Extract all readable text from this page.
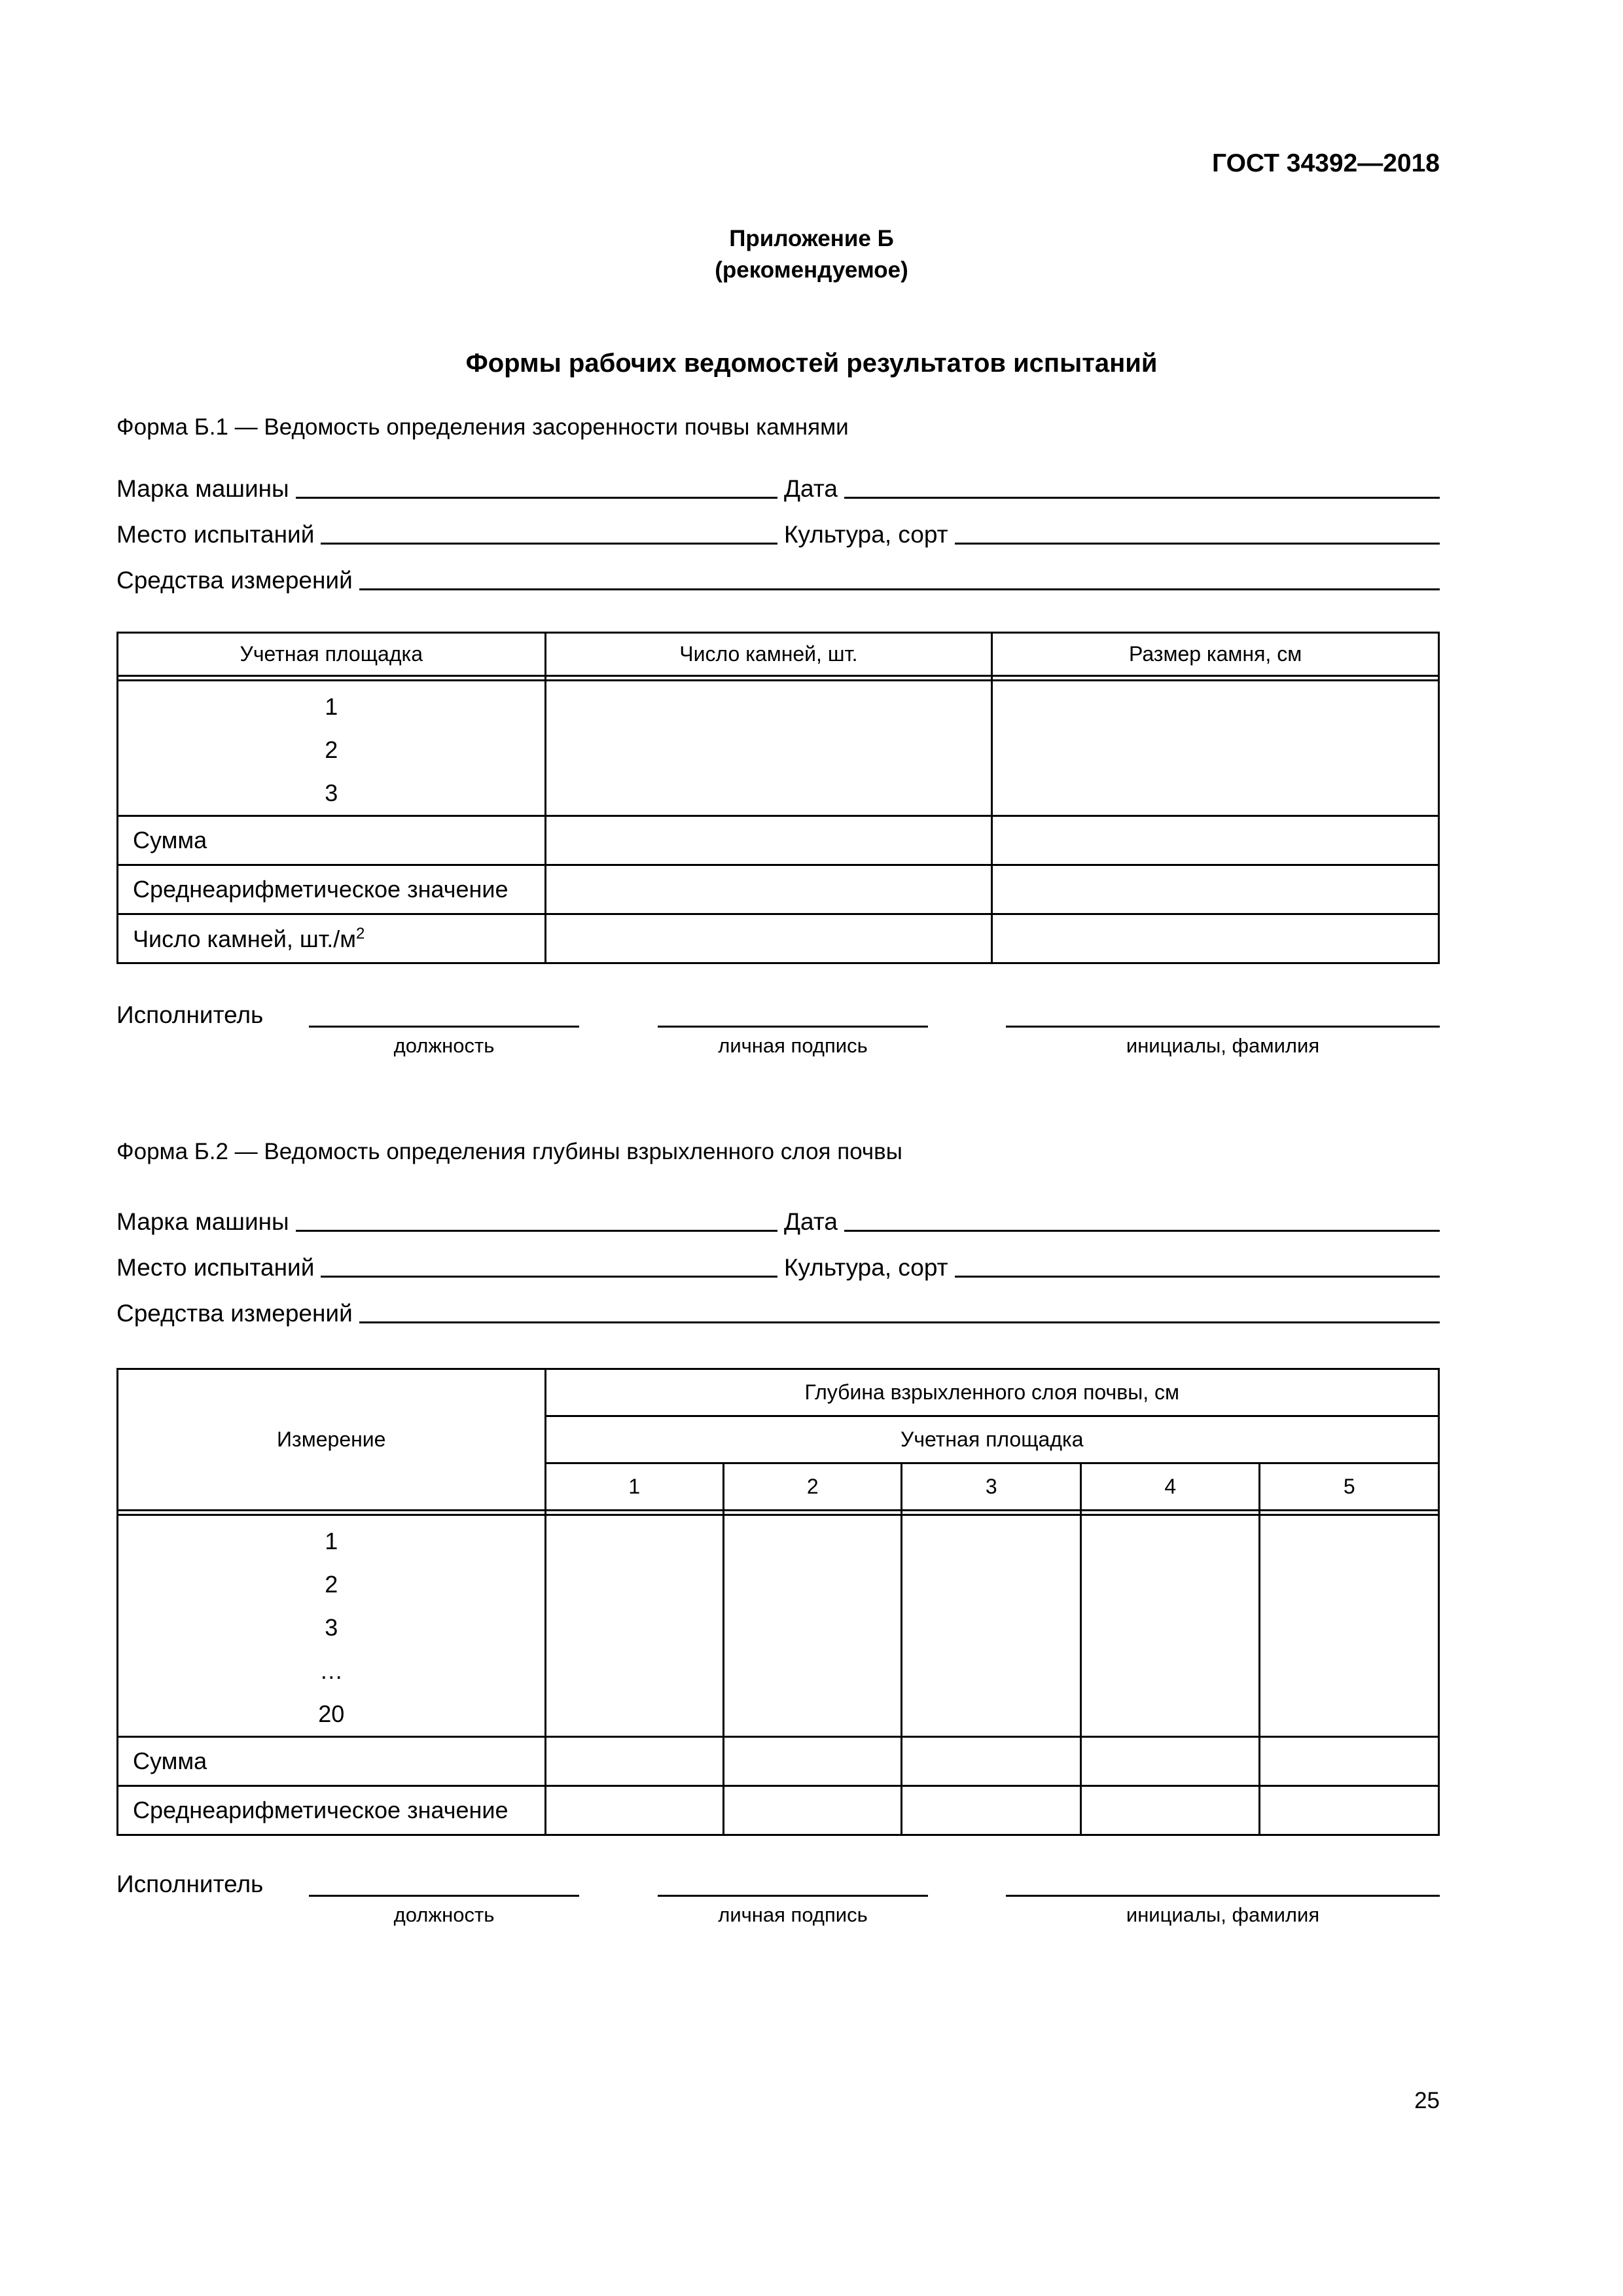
ГОСТ 34392—2018
Приложение Б
(рекомендуемое)
Формы рабочих ведомостей результатов испытаний
Форма Б.1 — Ведомость определения засоренности почвы камнями
Марка машины	Дата
Место испытаний	Культура, сорт
Средства измерений
Учетная площадка	Число камней, шт.	Размер камня, см

1
2
3		

Сумма		
Среднеарифметическое значение		
Число камней, $шт./м^2$		
Исполнитель
должность	личная подпись	инициалы, фамилия
Форма Б.2 — Ведомость определения глубины взрыхленного слоя почвы
Марка машины	Дата
Место испытаний	Культура, сорт
Средства измерений
Измерение	Глубина взрыхленного слоя почвы, см				
	Учетная площадка				
	1	2	3	4	5

1
2
3
…
20					

Сумма					
Среднеарифметическое значение					
Исполнитель
должность	личная подпись	инициалы, фамилия
25
